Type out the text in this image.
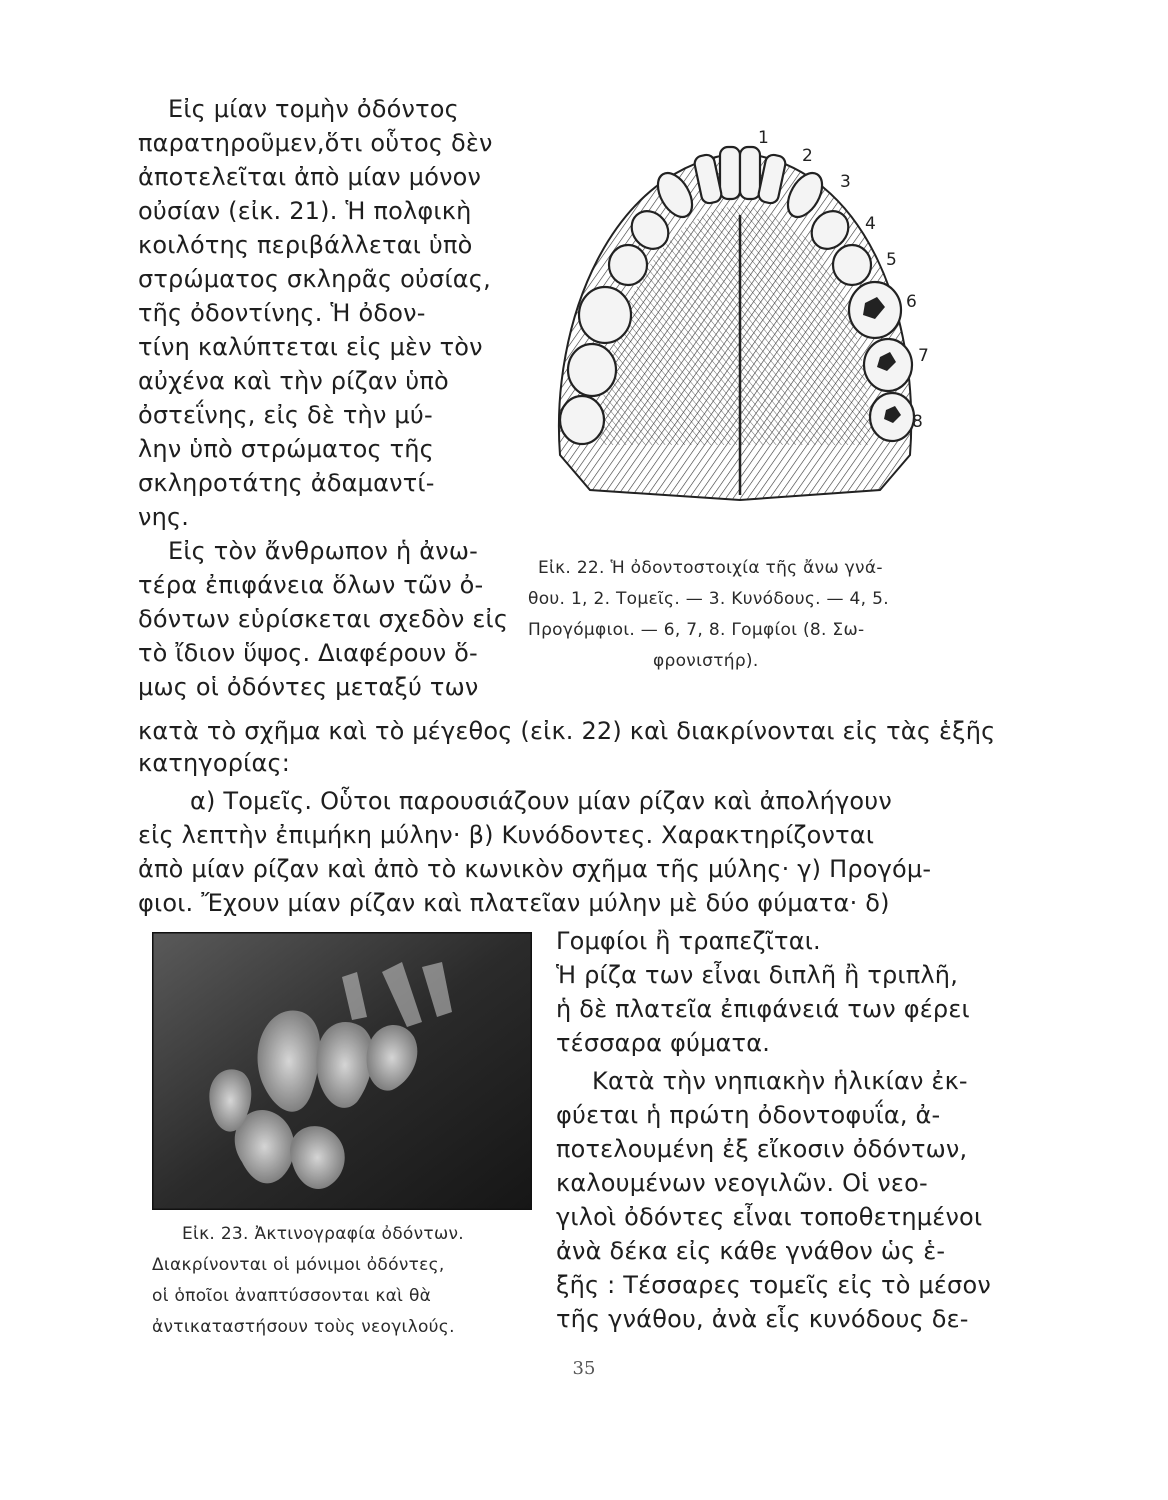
Εἰς μίαν τομὴν ὀδόντος
παρατηροῦμεν,ὅτι οὗτος δὲν
ἀποτελεῖται ἀπὸ μίαν μόνον
οὐσίαν (εἰκ. 21). Ἡ πολφικὴ
κοιλότης περιβάλλεται ὑπὸ
στρώματος σκληρᾶς οὐσίας,
τῆς ὀδοντίνης. Ἡ ὀδον-
τίνη καλύπτεται εἰς μὲν τὸν
αὐχένα καὶ τὴν ρίζαν ὑπὸ
ὀστεΐνης, εἰς δὲ τὴν μύ-
λην ὑπὸ στρώματος τῆς
σκληροτάτης ἀδαμαντί-
νης.
Εἰς τὸν ἄνθρωπον ἡ ἀνω-
τέρα ἐπιφάνεια ὅλων τῶν ὀ-
δόντων εὑρίσκεται σχεδὸν εἰς
τὸ ἴδιον ὕψος. Διαφέρουν ὅ-
μως οἱ ὀδόντες μεταξύ των
1
2
3
4
5
6
7
8
Εἰκ. 22. Ἡ ὀδοντοστοιχία τῆς ἄνω γνά-
θου. 1, 2. Τομεῖς. — 3. Κυνόδους. — 4, 5.
Προγόμφιοι. — 6, 7, 8. Γομφίοι (8. Σω-
φρονιστήρ).
κατὰ τὸ σχῆμα καὶ τὸ μέγεθος (εἰκ. 22) καὶ διακρίνονται εἰς τὰς ἑξῆς
κατηγορίας:
α) Τομεῖς. Οὗτοι παρουσιάζουν μίαν ρίζαν καὶ ἀπολήγουν
εἰς λεπτὴν ἐπιμήκη μύλην· β) Κυνόδοντες. Χαρακτηρίζονται
ἀπὸ μίαν ρίζαν καὶ ἀπὸ τὸ κωνικὸν σχῆμα τῆς μύλης· γ) Προγόμ-
φιοι. Ἔχουν μίαν ρίζαν καὶ πλατεῖαν μύλην μὲ δύο φύματα· δ)
Εἰκ. 23. Ἀκτινογραφία ὀδόντων.
Διακρίνονται οἱ μόνιμοι ὀδόντες,
οἱ ὁποῖοι ἀναπτύσσονται καὶ θὰ
ἀντικαταστήσουν τοὺς νεογιλούς.
Γομφίοι ἢ τραπεζῖται.
Ἡ ρίζα των εἶναι διπλῆ ἢ τριπλῆ,
ἡ δὲ πλατεῖα ἐπιφάνειά των φέρει
τέσσαρα φύματα.
Κατὰ τὴν νηπιακὴν ἡλικίαν ἐκ-
φύεται ἡ πρώτη ὀδοντοφυΐα, ἀ-
ποτελουμένη ἐξ εἴκοσιν ὀδόντων,
καλουμένων νεογιλῶν. Οἱ νεο-
γιλοὶ ὀδόντες εἶναι τοποθετημένοι
ἀνὰ δέκα εἰς κάθε γνάθον ὡς ἑ-
ξῆς : Τέσσαρες τομεῖς εἰς τὸ μέσον
τῆς γνάθου, ἀνὰ εἷς κυνόδους δε-
35
